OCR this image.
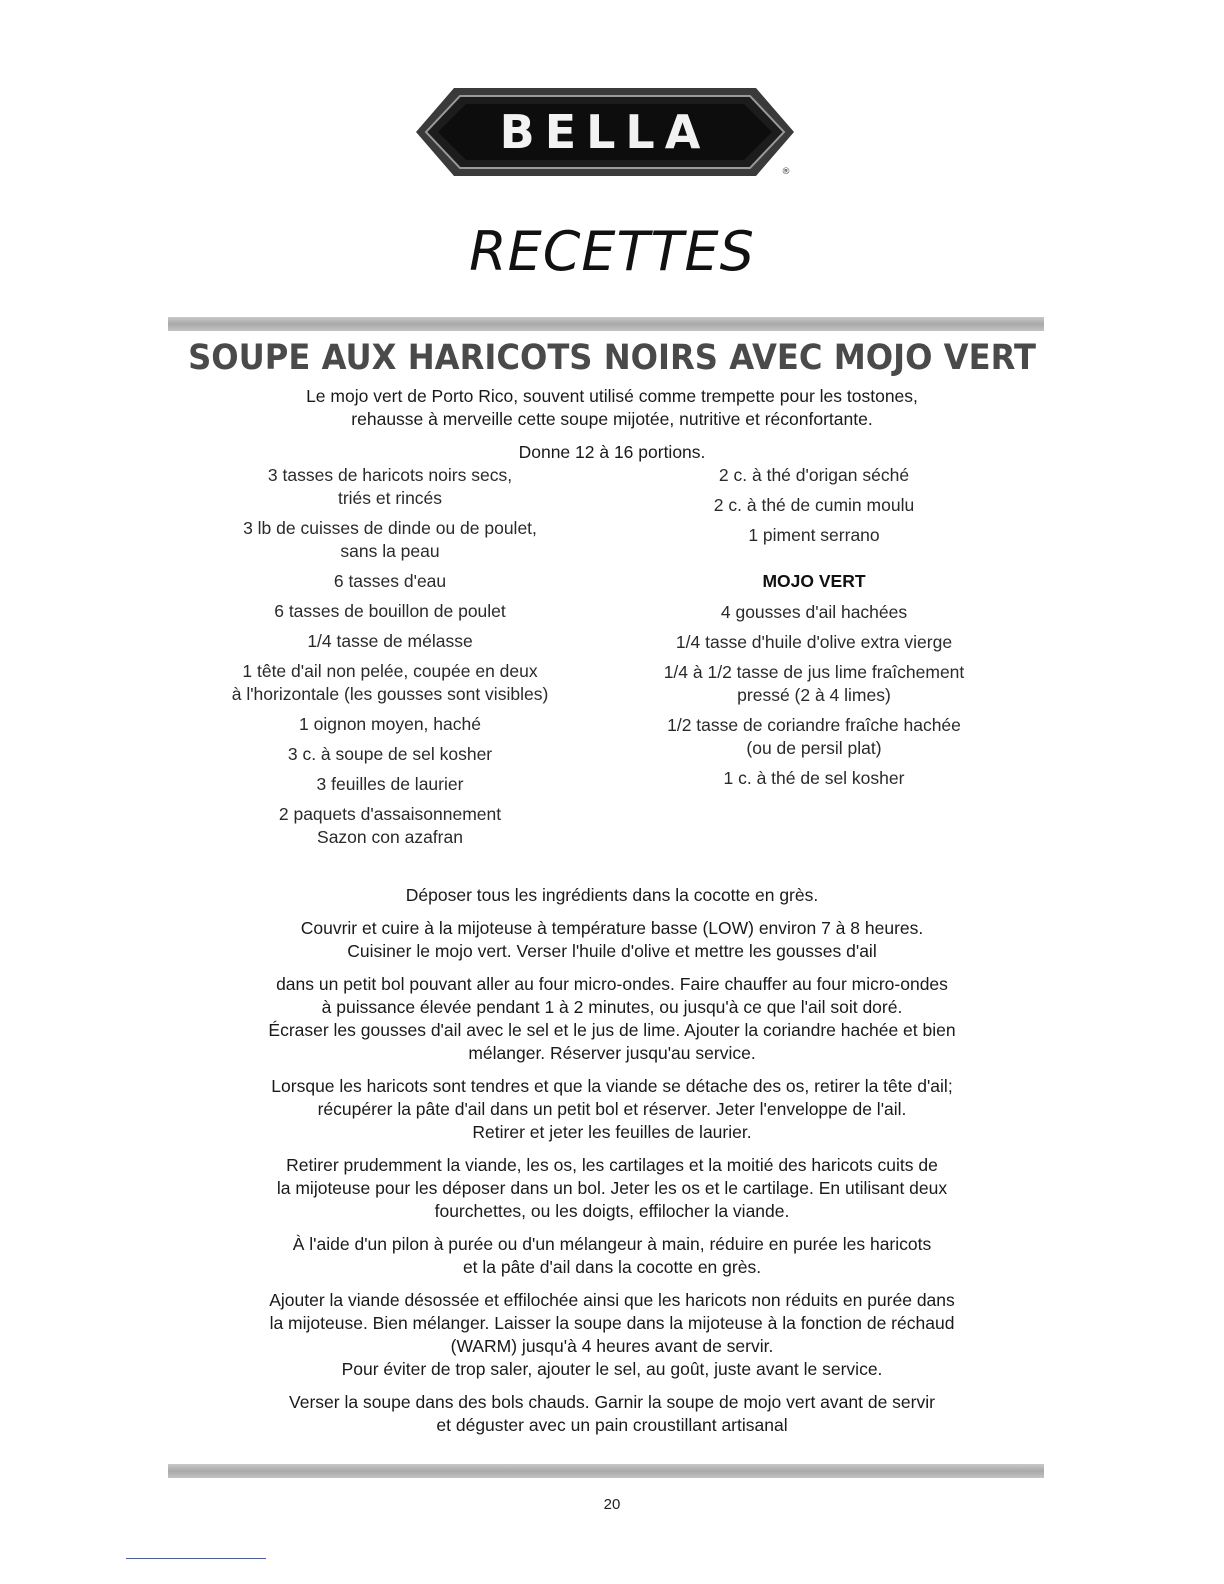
BELLA
®
RECETTES
SOUPE AUX HARICOTS NOIRS AVEC MOJO VERT
Le mojo vert de Porto Rico, souvent utilisé comme trempette pour les tostones,
rehausse à merveille cette soupe mijotée, nutritive et réconfortante.
Donne 12 à 16 portions.
3 tasses de haricots noirs secs,
triés et rincés
3 lb de cuisses de dinde ou de poulet,
sans la peau
6 tasses d'eau
6 tasses de bouillon de poulet
1/4 tasse de mélasse
1 tête d'ail non pelée, coupée en deux
à l'horizontale (les gousses sont visibles)
1 oignon moyen, haché
3 c. à soupe de sel kosher
3 feuilles de laurier
2 paquets d'assaisonnement
Sazon con azafran
2 c. à thé d'origan séché
2 c. à thé de cumin moulu
1 piment serrano
MOJO VERT
4 gousses d'ail hachées
1/4 tasse d'huile d'olive extra vierge
1/4 à 1/2 tasse de jus lime fraîchement
pressé (2 à 4 limes)
1/2 tasse de coriandre fraîche hachée
(ou de persil plat)
1 c. à thé de sel kosher
Déposer tous les ingrédients dans la cocotte en grès.
Couvrir et cuire à la mijoteuse à température basse (LOW) environ 7 à 8 heures.
Cuisiner le mojo vert. Verser l'huile d'olive et mettre les gousses d'ail
dans un petit bol pouvant aller au four micro-ondes. Faire chauffer au four micro-ondes
à puissance élevée pendant 1 à 2 minutes, ou jusqu'à ce que l'ail soit doré.
Écraser les gousses d'ail avec le sel et le jus de lime. Ajouter la coriandre hachée et bien
mélanger. Réserver jusqu'au service.
Lorsque les haricots sont tendres et que la viande se détache des os, retirer la tête d'ail;
récupérer la pâte d'ail dans un petit bol et réserver. Jeter l'enveloppe de l'ail.
Retirer et jeter les feuilles de laurier.
Retirer prudemment la viande, les os, les cartilages et la moitié des haricots cuits de
la mijoteuse pour les déposer dans un bol. Jeter les os et le cartilage. En utilisant deux
fourchettes, ou les doigts, effilocher la viande.
À l'aide d'un pilon à purée ou d'un mélangeur à main, réduire en purée les haricots
et la pâte d'ail dans la cocotte en grès.
Ajouter la viande désossée et effilochée ainsi que les haricots non réduits en purée dans
la mijoteuse. Bien mélanger. Laisser la soupe dans la mijoteuse à la fonction de réchaud
(WARM) jusqu'à 4 heures avant de servir.
Pour éviter de trop saler, ajouter le sel, au goût, juste avant le service.
Verser la soupe dans des bols chauds. Garnir la soupe de mojo vert avant de servir
et déguster avec un pain croustillant artisanal
20
